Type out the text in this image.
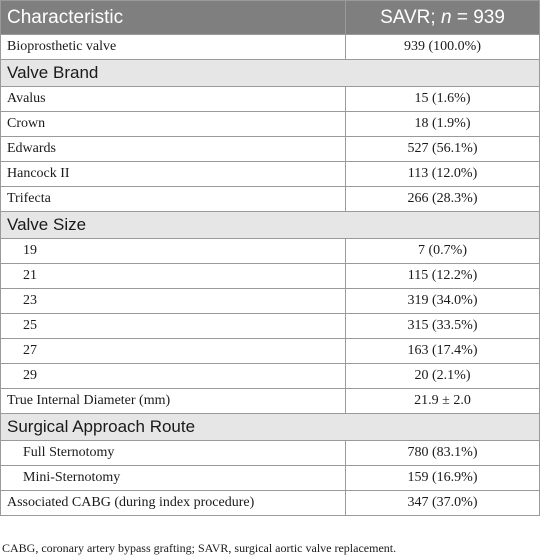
Characteristic	SAVR; n = 939
Bioprosthetic valve	939 (100.0%)
Valve Brand	
Avalus	15 (1.6%)
Crown	18 (1.9%)
Edwards	527 (56.1%)
Hancock II	113 (12.0%)
Trifecta	266 (28.3%)
Valve Size	
19	7 (0.7%)
21	115 (12.2%)
23	319 (34.0%)
25	315 (33.5%)
27	163 (17.4%)
29	20 (2.1%)
True Internal Diameter (mm)	21.9 ± 2.0
Surgical Approach Route	
Full Sternotomy	780 (83.1%)
Mini-Sternotomy	159 (16.9%)
Associated CABG (during index procedure)	347 (37.0%)
CABG, coronary artery bypass grafting; SAVR, surgical aortic valve replacement.
